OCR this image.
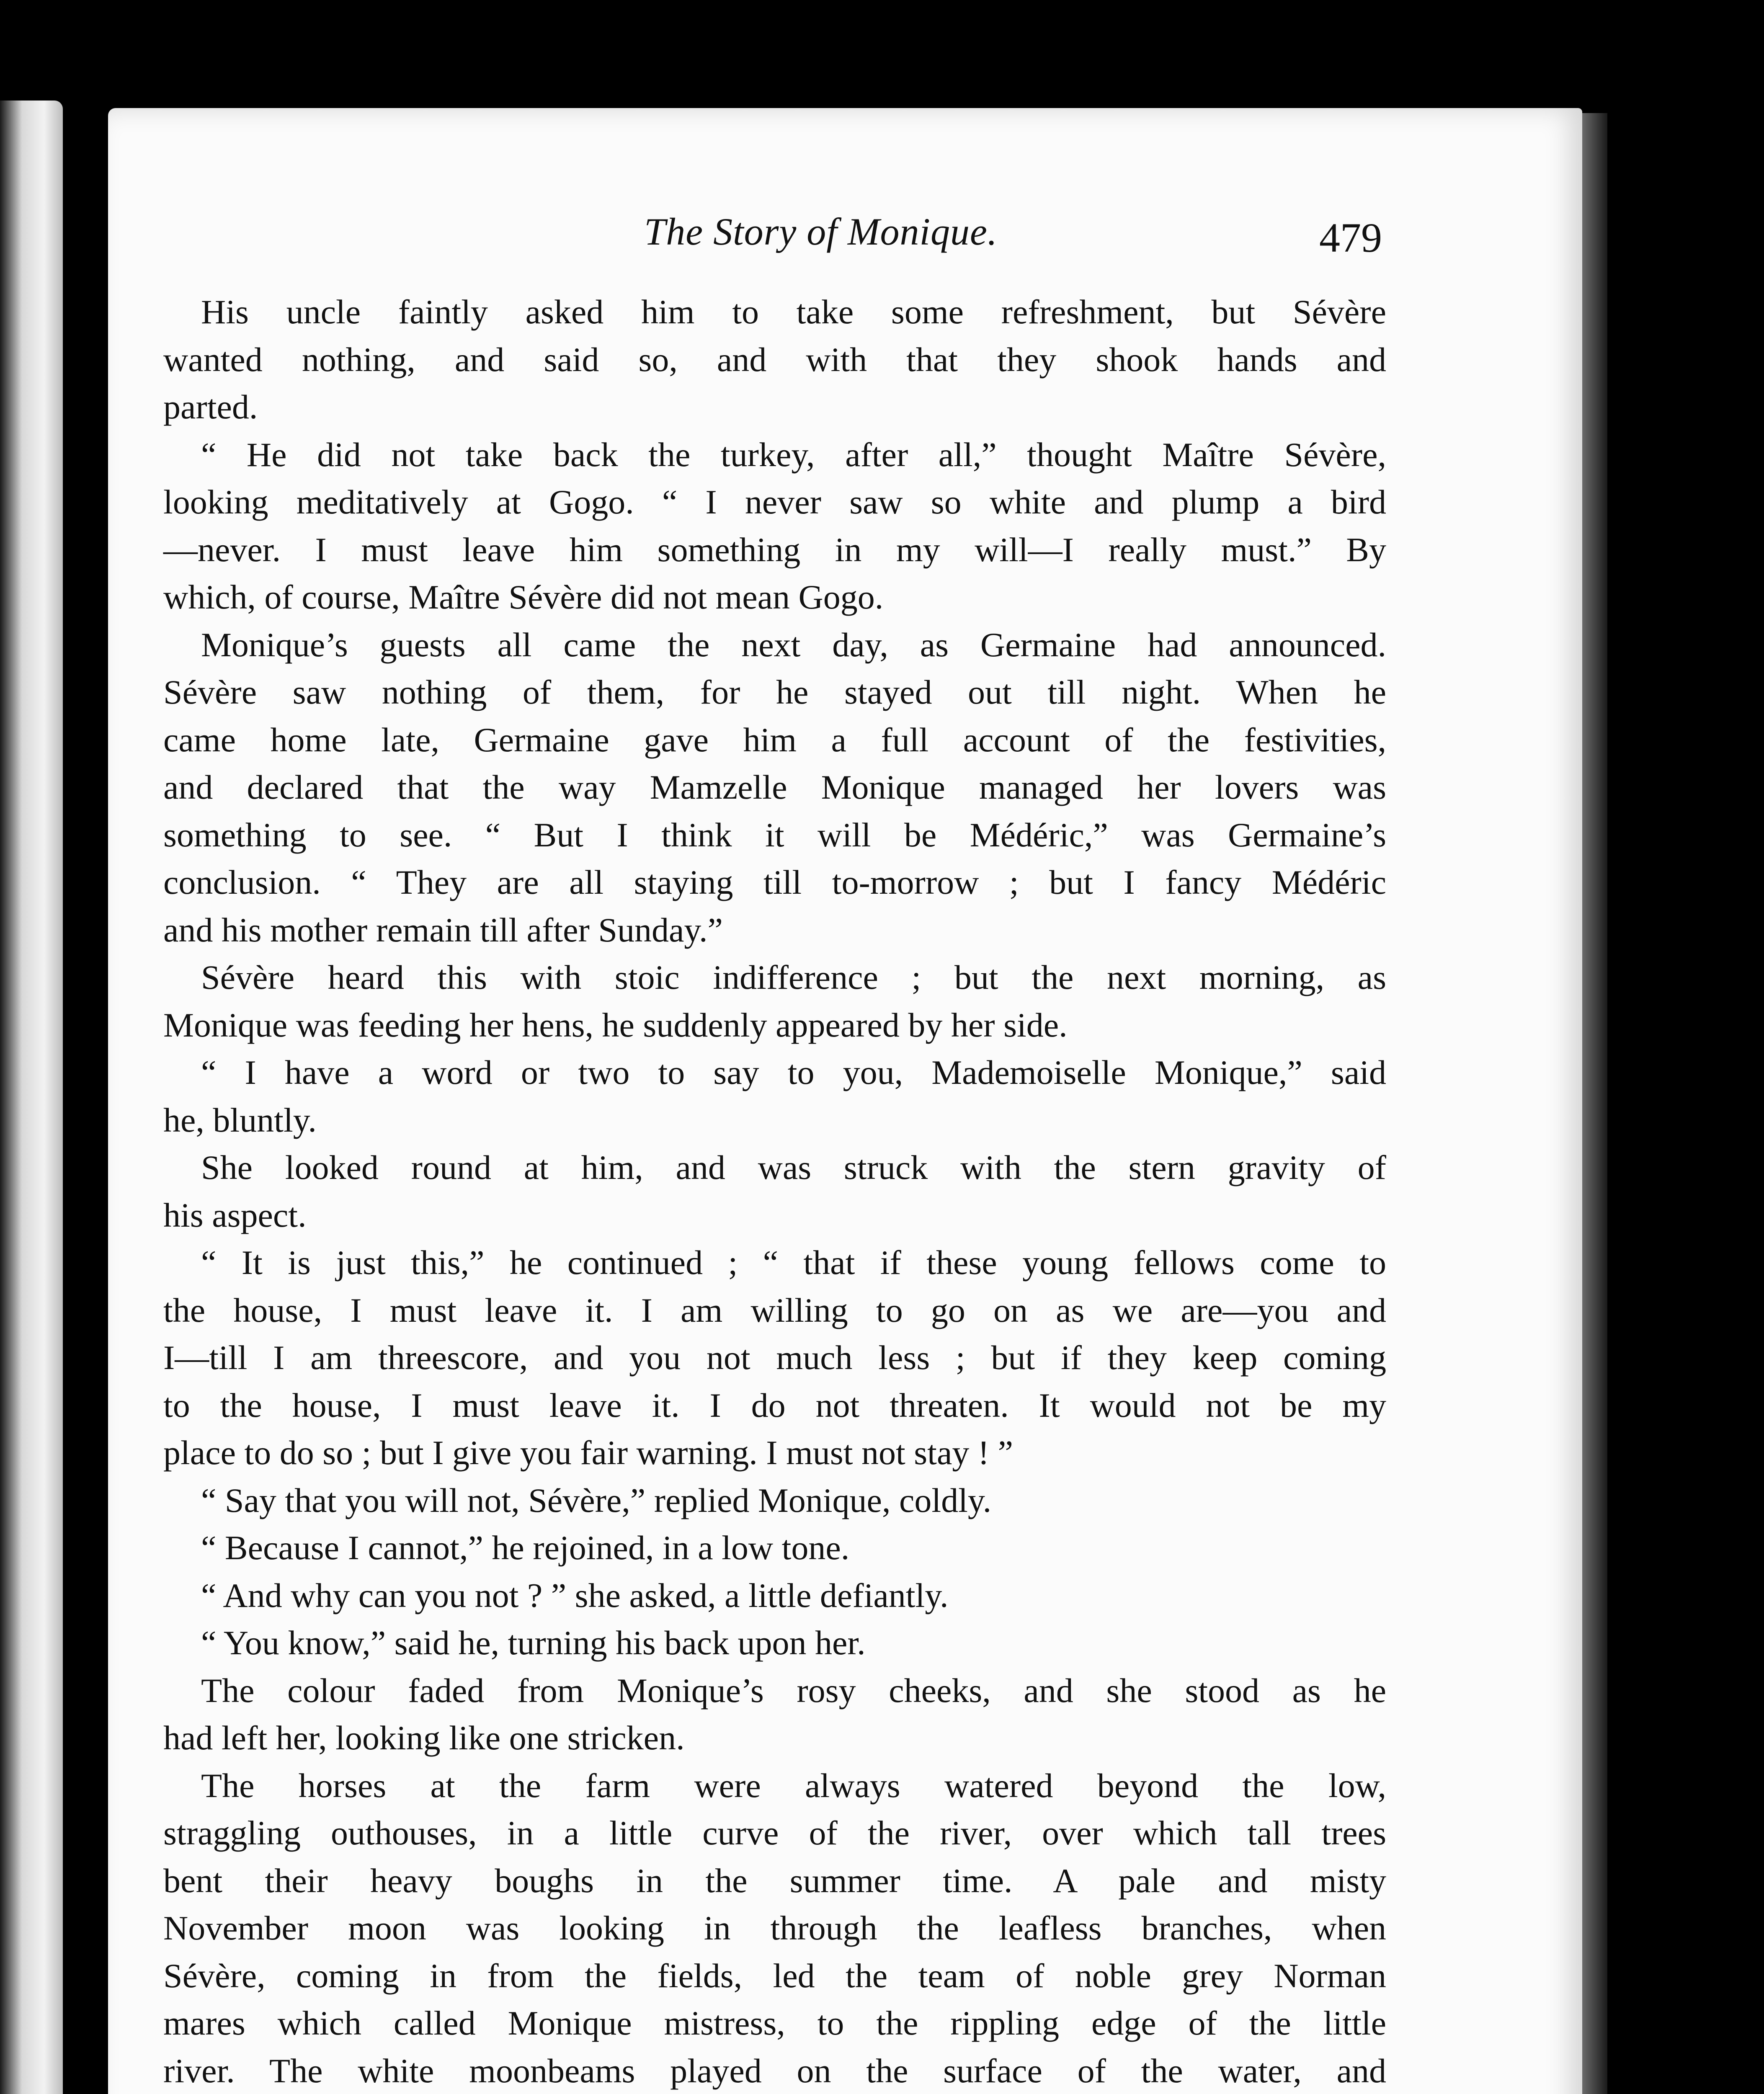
The Story of Monique.	479
His uncle faintly asked him to take some refreshment, but Sévère
wanted nothing, and said so, and with that they shook hands and
parted.
“ He did not take back the turkey, after all,” thought Maître Sévère,
looking meditatively at Gogo. “ I never saw so white and plump a bird
—never. I must leave him something in my will—I really must.” By
which, of course, Maître Sévère did not mean Gogo.
Monique’s guests all came the next day, as Germaine had announced.
Sévère saw nothing of them, for he stayed out till night. When he
came home late, Germaine gave him a full account of the festivities,
and declared that the way Mamzelle Monique managed her lovers was
something to see. “ But I think it will be Médéric,” was Germaine’s
conclusion. “ They are all staying till to-morrow ; but I fancy Médéric
and his mother remain till after Sunday.”
Sévère heard this with stoic indifference ; but the next morning, as
Monique was feeding her hens, he suddenly appeared by her side.
“ I have a word or two to say to you, Mademoiselle Monique,” said
he, bluntly.
She looked round at him, and was struck with the stern gravity of
his aspect.
“ It is just this,” he continued ; “ that if these young fellows come to
the house, I must leave it. I am willing to go on as we are—you and
I—till I am threescore, and you not much less ; but if they keep coming
to the house, I must leave it. I do not threaten. It would not be my
place to do so ; but I give you fair warning. I must not stay ! ”
“ Say that you will not, Sévère,” replied Monique, coldly.
“ Because I cannot,” he rejoined, in a low tone.
“ And why can you not ? ” she asked, a little defiantly.
“ You know,” said he, turning his back upon her.
The colour faded from Monique’s rosy cheeks, and she stood as he
had left her, looking like one stricken.
The horses at the farm were always watered beyond the low,
straggling outhouses, in a little curve of the river, over which tall trees
bent their heavy boughs in the summer time. A pale and misty
November moon was looking in through the leafless branches, when
Sévère, coming in from the fields, led the team of noble grey Norman
mares which called Monique mistress, to the rippling edge of the little
river. The white moonbeams played on the surface of the water, and
